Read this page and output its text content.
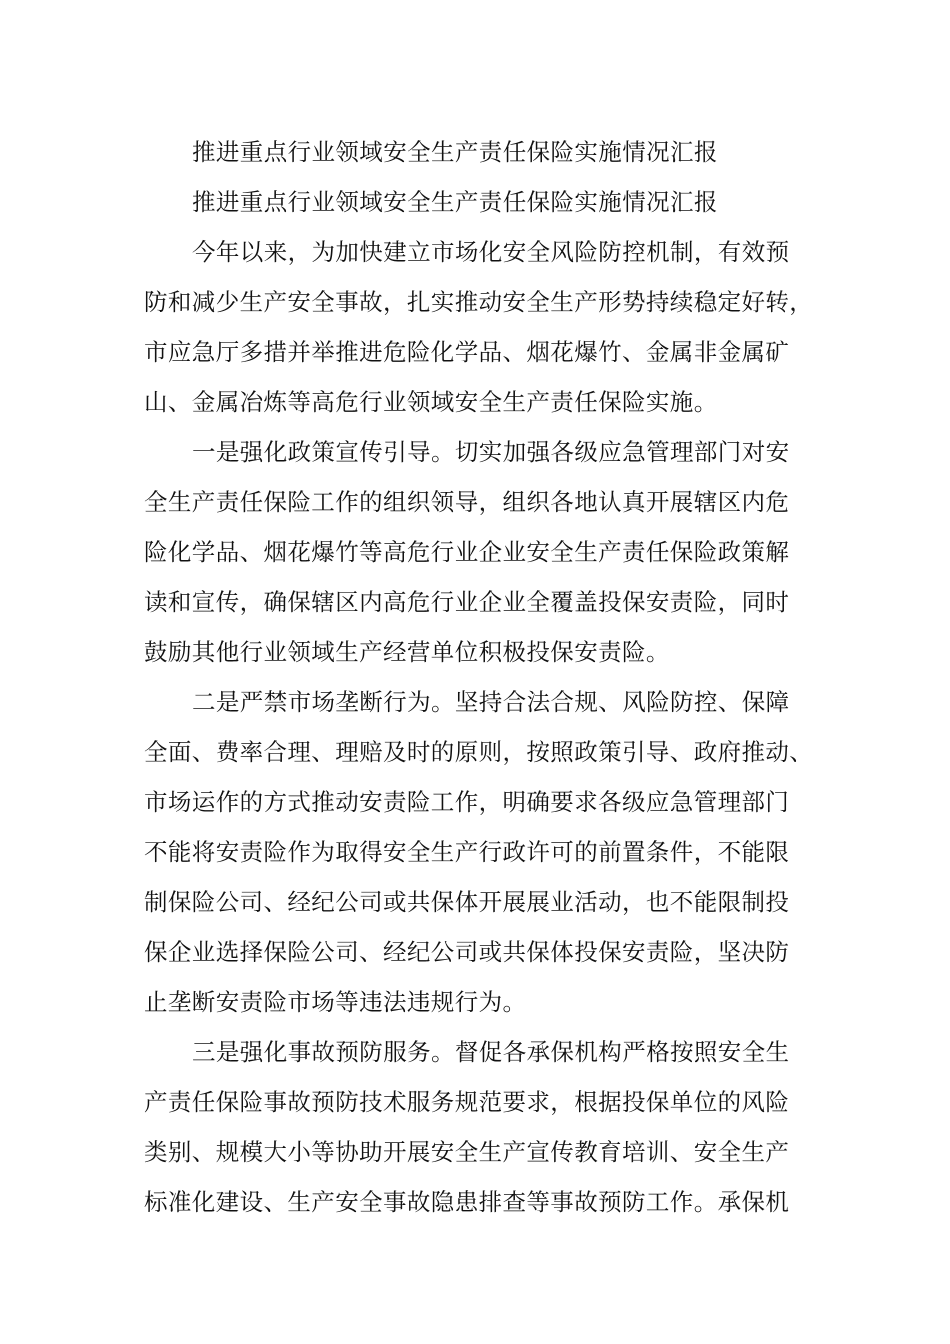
推进重点行业领域安全生产责任保险实施情况汇报
推进重点行业领域安全生产责任保险实施情况汇报
今年以来，为加快建立市场化安全风险防控机制，有效预
防和减少生产安全事故，扎实推动安全生产形势持续稳定好转，
市应急厅多措并举推进危险化学品、烟花爆竹、金属非金属矿
山、金属冶炼等高危行业领域安全生产责任保险实施。
一是强化政策宣传引导。切实加强各级应急管理部门对安
全生产责任保险工作的组织领导，组织各地认真开展辖区内危
险化学品、烟花爆竹等高危行业企业安全生产责任保险政策解
读和宣传，确保辖区内高危行业企业全覆盖投保安责险，同时
鼓励其他行业领域生产经营单位积极投保安责险。
二是严禁市场垄断行为。坚持合法合规、风险防控、保障
全面、费率合理、理赔及时的原则，按照政策引导、政府推动、
市场运作的方式推动安责险工作，明确要求各级应急管理部门
不能将安责险作为取得安全生产行政许可的前置条件，不能限
制保险公司、经纪公司或共保体开展展业活动，也不能限制投
保企业选择保险公司、经纪公司或共保体投保安责险，坚决防
止垄断安责险市场等违法违规行为。
三是强化事故预防服务。督促各承保机构严格按照安全生
产责任保险事故预防技术服务规范要求，根据投保单位的风险
类别、规模大小等协助开展安全生产宣传教育培训、安全生产
标准化建设、生产安全事故隐患排查等事故预防工作。承保机
